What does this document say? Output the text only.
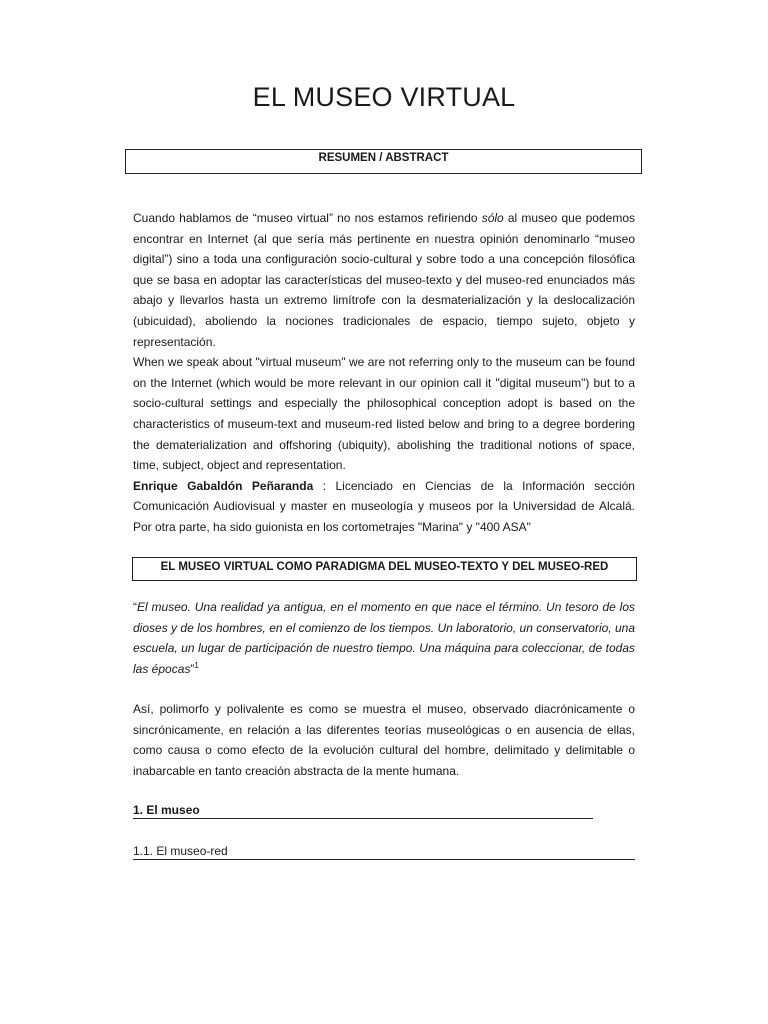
EL MUSEO VIRTUAL
RESUMEN / ABSTRACT
Cuando hablamos de “museo virtual” no nos estamos refiriendo sólo al museo que podemos encontrar en Internet (al que sería más pertinente en nuestra opinión denominarlo “museo digital”) sino a toda una configuración socio-cultural y sobre todo a una concepción filosófica que se basa en adoptar las características del museo-texto y del museo-red enunciados más abajo y llevarlos hasta un extremo limítrofe con la desmaterialización y la deslocalización (ubicuidad), aboliendo la nociones tradicionales de espacio, tiempo sujeto, objeto y representación.
When we speak about "virtual museum" we are not referring only to the museum can be found on the Internet (which would be more relevant in our opinion call it "digital museum") but to a socio-cultural settings and especially the philosophical conception adopt is based on the characteristics of museum-text and museum-red listed below and bring to a degree bordering the dematerialization and offshoring (ubiquity), abolishing the traditional notions of space, time, subject, object and representation.
Enrique Gabaldón Peñaranda : Licenciado en Ciencias de la Información sección Comunicación Audiovisual y master en museología y museos por la Universidad de Alcalá. Por otra parte, ha sido guionista en los cortometrajes "Marina" y "400 ASA"
EL MUSEO VIRTUAL COMO PARADIGMA DEL MUSEO-TEXTO Y DEL MUSEO-RED
“El museo. Una realidad ya antigua, en el momento en que nace el término. Un tesoro de los dioses y de los hombres, en el comienzo de los tiempos. Un laboratorio, un conservatorio, una escuela, un lugar de participación de nuestro tiempo. Una máquina para coleccionar, de todas las épocas”$^1$
Así, polimorfo y polivalente es como se muestra el museo, observado diacrónicamente o sincrónicamente, en relación a las diferentes teorías museológicas o en ausencia de ellas, como causa o como efecto de la evolución cultural del hombre, delimitado y delimitable o inabarcable en tanto creación abstracta de la mente humana.
1. El museo
1.1. El museo-red
